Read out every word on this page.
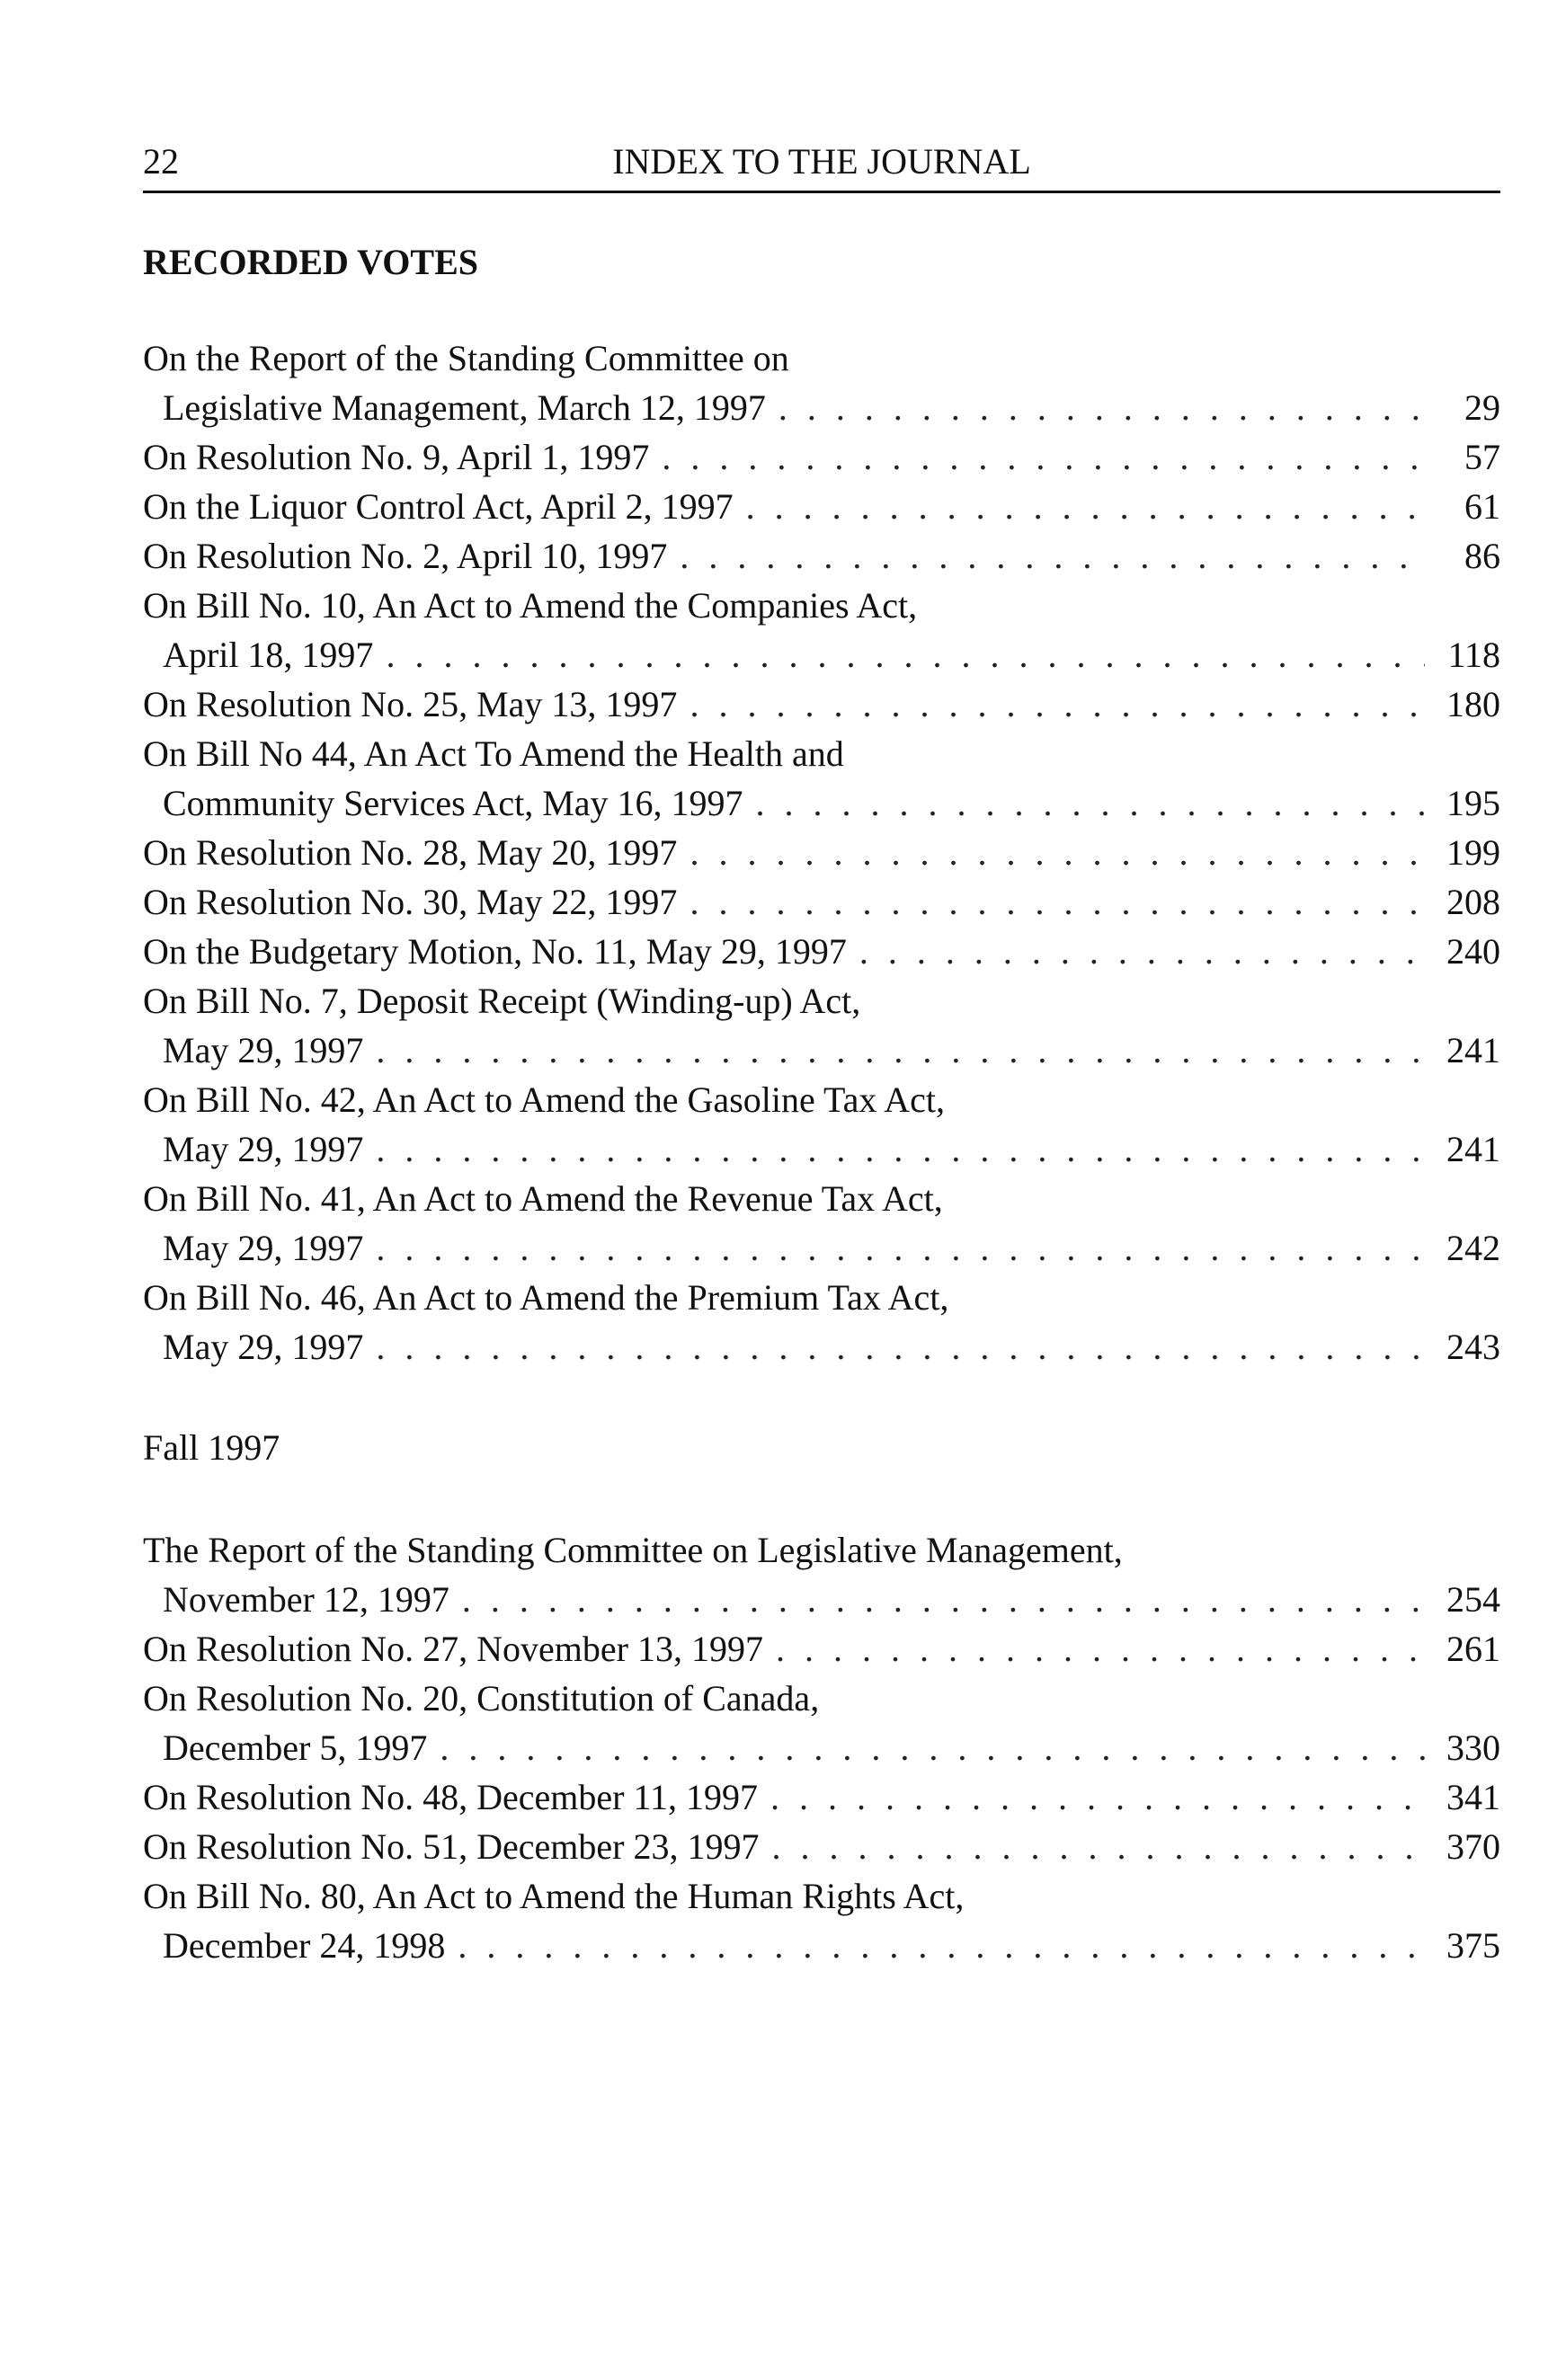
22	INDEX TO THE JOURNAL
RECORDED VOTES
On the Report of the Standing Committee on
Legislative Management, March 12, 1997 . . .	29
On Resolution No. 9, April 1, 1997 . . .	57
On the Liquor Control Act, April 2, 1997 . . .	61
On Resolution No. 2, April 10, 1997 . . .	86
On Bill No. 10, An Act to Amend the Companies Act,
April 18, 1997 . . .	118
On Resolution No. 25, May 13, 1997 . . .	180
On Bill No 44, An Act To Amend the Health and
Community Services Act, May 16, 1997 . . .	195
On Resolution No. 28, May 20, 1997 . . .	199
On Resolution No. 30, May 22, 1997 . . .	208
On the Budgetary Motion, No. 11, May 29, 1997 . . .	240
On Bill No. 7, Deposit Receipt (Winding-up) Act,
May 29, 1997 . . .	241
On Bill No. 42, An Act to Amend the Gasoline Tax Act,
May 29, 1997 . . .	241
On Bill No. 41, An Act to Amend the Revenue Tax Act,
May 29, 1997 . . .	242
On Bill No. 46, An Act to Amend the Premium Tax Act,
May 29, 1997 . . .	243
Fall 1997
The Report of the Standing Committee on Legislative Management,
November 12, 1997 . . .	254
On Resolution No. 27, November 13, 1997 . . .	261
On Resolution No. 20, Constitution of Canada,
December 5, 1997 . . .	330
On Resolution No. 48, December 11, 1997 . . .	341
On Resolution No. 51, December 23, 1997 . . .	370
On Bill No. 80, An Act to Amend the Human Rights Act,
December 24, 1998 . . .	375
